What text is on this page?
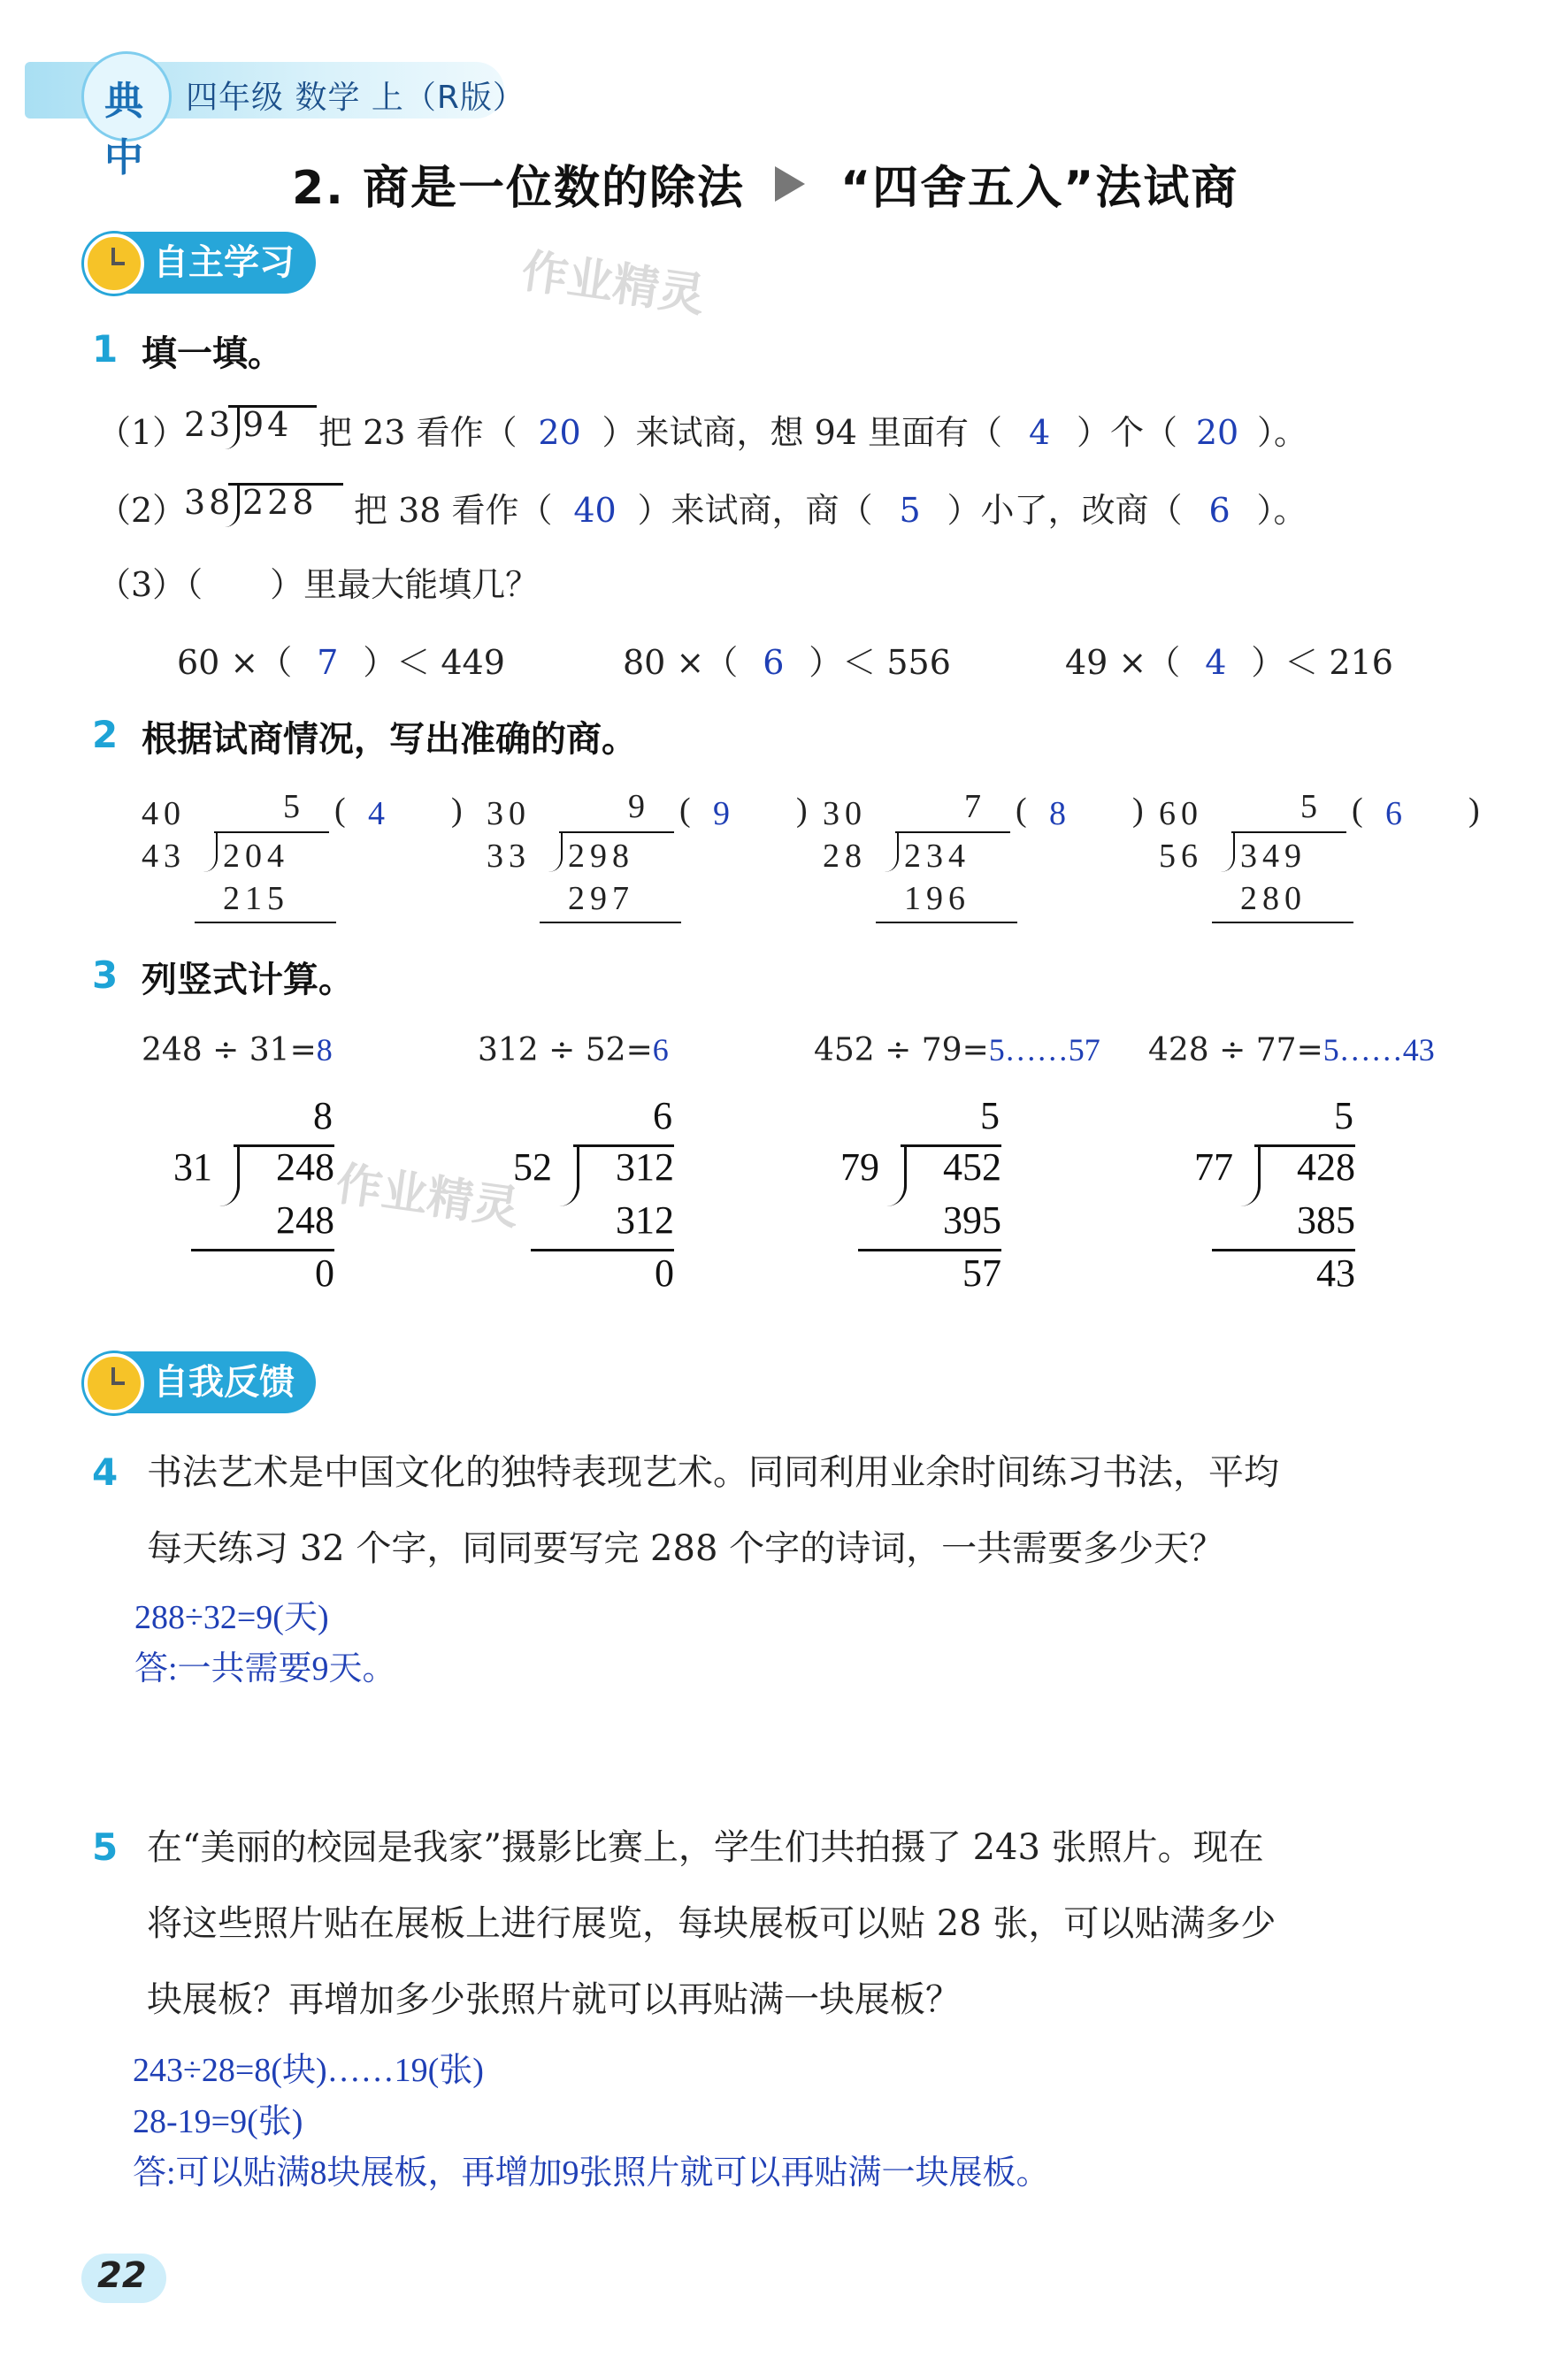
典中
四年级 数学 上（R版）
2. 商是一位数的除法 “四舍五入”法试商
自主学习	作业精灵
1 填一填。
（1）
23 94 把 23 看作（ 20 ）来试商，想 94 里面有（ 4 ）个（ 20 ）。
（2）
38 228 把 38 看作（ 40 ）来试商，商（ 5 ）小了，改商（ 6 ）。
（3）（　　）里最大能填几？
60 ×（ 7 ）＜ 449	80 ×（ 6 ）＜ 556	49 ×（ 4 ）＜ 216
2 根据试商情况，写出准确的商。
40	5 ( 4 )
43 204
215
30	9 ( 9 )
33 298
297
30	7 ( 8 )
28 234
196
60	5 ( 6 )
56 349
280
3 列竖式计算。
248 ÷ 31=8	312 ÷ 52=6	452 ÷ 79=5……57 428 ÷ 77=5……43
8
31	248
248
0
6
52	312
312
0
5
79	452
395
57
5
77	428
385
43
作业精灵
自我反馈
4 书法艺术是中国文化的独特表现艺术。同同利用业余时间练习书法，平均
每天练习 32 个字，同同要写完 288 个字的诗词，一共需要多少天？
288÷32=9(天)
答:一共需要9天。
5 在“美丽的校园是我家”摄影比赛上，学生们共拍摄了 243 张照片。现在
将这些照片贴在展板上进行展览，每块展板可以贴 28 张，可以贴满多少
块展板？再增加多少张照片就可以再贴满一块展板？
243÷28=8(块)……19(张)
28-19=9(张)
答:可以贴满8块展板，再增加9张照片就可以再贴满一块展板。
22
